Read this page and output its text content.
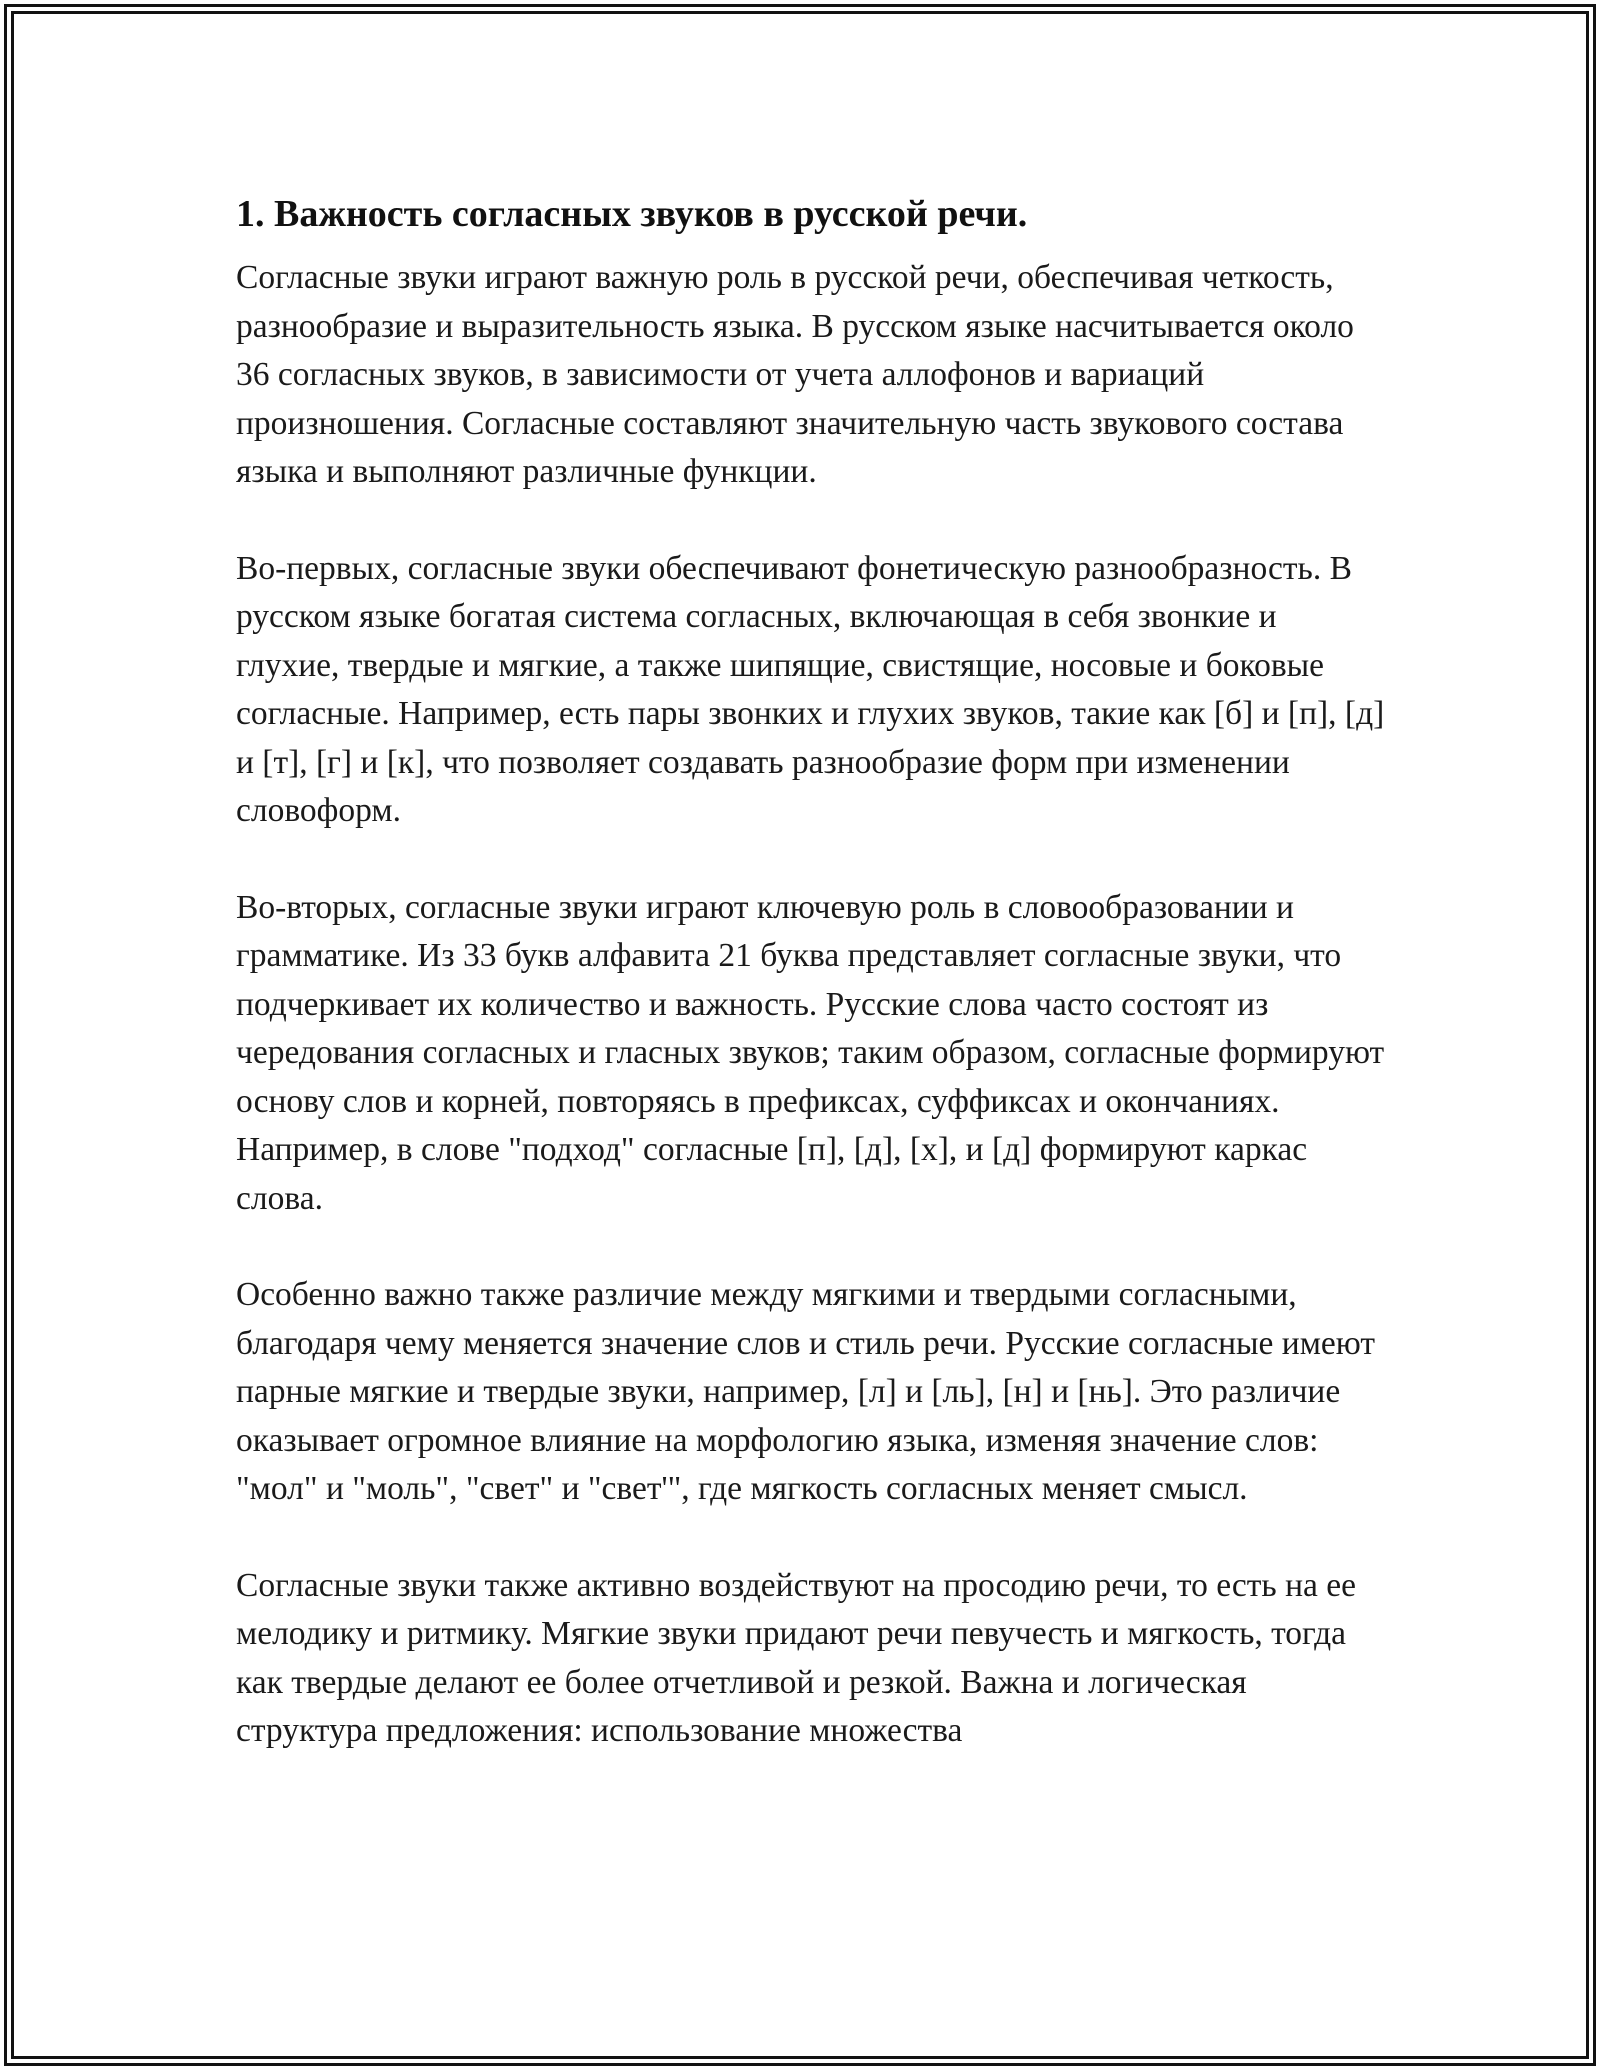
1. Важность согласных звуков в русской речи.

Согласные звуки играют важную роль в русской речи, обеспечивая четкость, разнообразие и выразительность языка. В русском языке насчитывается около 36 согласных звуков, в зависимости от учета аллофонов и вариаций произношения. Согласные составляют значительную часть звукового состава языка и выполняют различные функции.

Во-первых, согласные звуки обеспечивают фонетическую разнообразность. В русском языке богатая система согласных, включающая в себя звонкие и глухие, твердые и мягкие, а также шипящие, свистящие, носовые и боковые согласные. Например, есть пары звонких и глухих звуков, такие как [б] и [п], [д] и [т], [г] и [к], что позволяет создавать разнообразие форм при изменении словоформ.

Во-вторых, согласные звуки играют ключевую роль в словообразовании и грамматике. Из 33 букв алфавита 21 буква представляет согласные звуки, что подчеркивает их количество и важность. Русские слова часто состоят из чередования согласных и гласных звуков; таким образом, согласные формируют основу слов и корней, повторяясь в префиксах, суффиксах и окончаниях. Например, в слове "подход" согласные [п], [д], [х], и [д] формируют каркас слова.

Особенно важно также различие между мягкими и твердыми согласными, благодаря чему меняется значение слов и стиль речи. Русские согласные имеют парные мягкие и твердые звуки, например, [л] и [ль], [н] и [нь]. Это различие оказывает огромное влияние на морфологию языка, изменяя значение слов: "мол" и "моль", "свет" и "свет'", где мягкость согласных меняет смысл.

Согласные звуки также активно воздействуют на просодию речи, то есть на ее мелодику и ритмику. Мягкие звуки придают речи певучесть и мягкость, тогда как твердые делают ее более отчетливой и резкой. Важна и логическая структура предложения: использование множества
